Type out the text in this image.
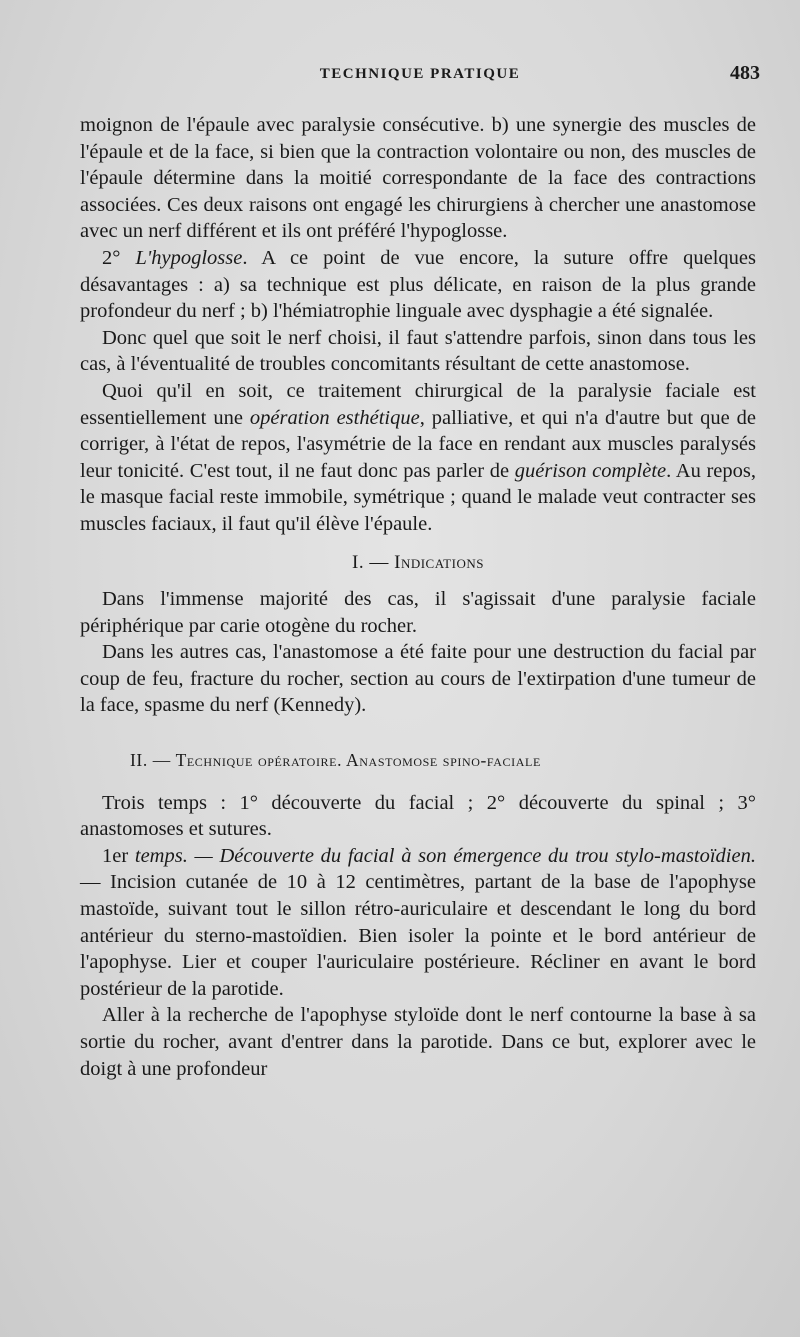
TECHNIQUE PRATIQUE	483

moignon de l'épaule avec paralysie consécutive. b) une synergie des muscles de l'épaule et de la face, si bien que la contraction volontaire ou non, des muscles de l'épaule détermine dans la moitié correspondante de la face des contractions associées. Ces deux raisons ont engagé les chirurgiens à chercher une anastomose avec un nerf différent et ils ont préféré l'hypoglosse.

2° L'hypoglosse. A ce point de vue encore, la suture offre quelques désavantages : a) sa technique est plus délicate, en raison de la plus grande profondeur du nerf ; b) l'hémiatrophie linguale avec dysphagie a été signalée.

Donc quel que soit le nerf choisi, il faut s'attendre parfois, sinon dans tous les cas, à l'éventualité de troubles concomitants résultant de cette anastomose.

Quoi qu'il en soit, ce traitement chirurgical de la paralysie faciale est essentiellement une opération esthétique, palliative, et qui n'a d'autre but que de corriger, à l'état de repos, l'asymétrie de la face en rendant aux muscles paralysés leur tonicité. C'est tout, il ne faut donc pas parler de guérison complète. Au repos, le masque facial reste immobile, symétrique ; quand le malade veut contracter ses muscles faciaux, il faut qu'il élève l'épaule.

I. — Indications

Dans l'immense majorité des cas, il s'agissait d'une paralysie faciale périphérique par carie otogène du rocher.

Dans les autres cas, l'anastomose a été faite pour une destruction du facial par coup de feu, fracture du rocher, section au cours de l'extirpation d'une tumeur de la face, spasme du nerf (Kennedy).

II. — Technique opératoire. Anastomose spino-faciale

Trois temps : 1° découverte du facial ; 2° découverte du spinal ; 3° anastomoses et sutures.

1er temps. — Découverte du facial à son émergence du trou stylo-mastoïdien. — Incision cutanée de 10 à 12 centimètres, partant de la base de l'apophyse mastoïde, suivant tout le sillon rétro-auriculaire et descendant le long du bord antérieur du sterno-mastoïdien. Bien isoler la pointe et le bord antérieur de l'apophyse. Lier et couper l'auriculaire postérieure. Récliner en avant le bord postérieur de la parotide.

Aller à la recherche de l'apophyse styloïde dont le nerf contourne la base à sa sortie du rocher, avant d'entrer dans la parotide. Dans ce but, explorer avec le doigt à une profondeur
